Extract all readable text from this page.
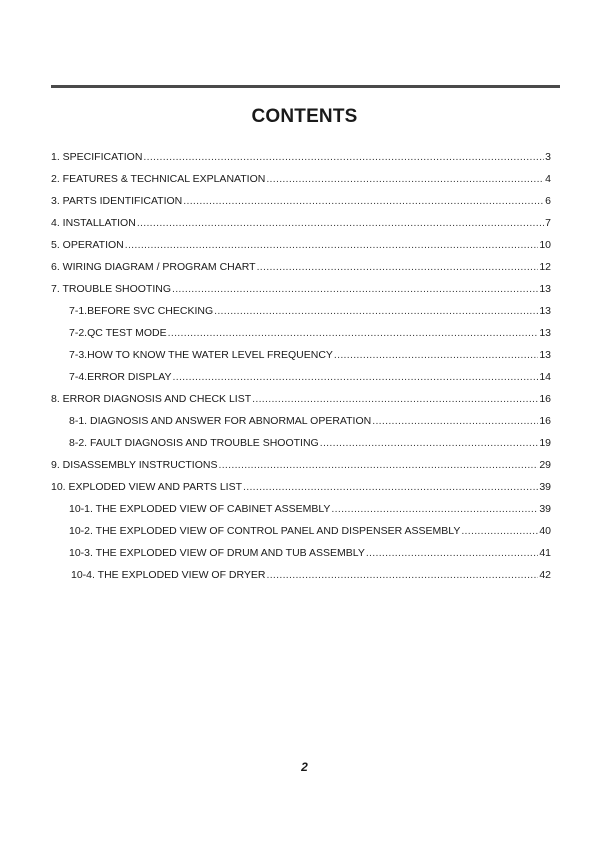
CONTENTS
1. SPECIFICATION .....	3
2. FEATURES & TECHNICAL EXPLANATION .....	4
3. PARTS IDENTIFICATION .....	6
4. INSTALLATION .....	7
5. OPERATION .....	10
6. WIRING DIAGRAM / PROGRAM CHART .....	12
7. TROUBLE SHOOTING .....	13
7-1.BEFORE SVC CHECKING .....	13
7-2.QC TEST MODE .....	13
7-3.HOW TO KNOW THE WATER LEVEL FREQUENCY .....	13
7-4.ERROR DISPLAY .....	14
8. ERROR DIAGNOSIS AND CHECK LIST .....	16
8-1. DIAGNOSIS AND ANSWER FOR ABNORMAL OPERATION .....	16
8-2. FAULT DIAGNOSIS AND TROUBLE SHOOTING .....	19
9. DISASSEMBLY INSTRUCTIONS .....	29
10. EXPLODED VIEW AND PARTS LIST .....	39
10-1. THE EXPLODED VIEW OF CABINET ASSEMBLY .....	39
10-2. THE EXPLODED VIEW OF CONTROL PANEL AND DISPENSER ASSEMBLY .....	40
10-3. THE EXPLODED VIEW OF DRUM AND TUB ASSEMBLY .....	41
10-4. THE EXPLODED VIEW OF DRYER .....	42
2
